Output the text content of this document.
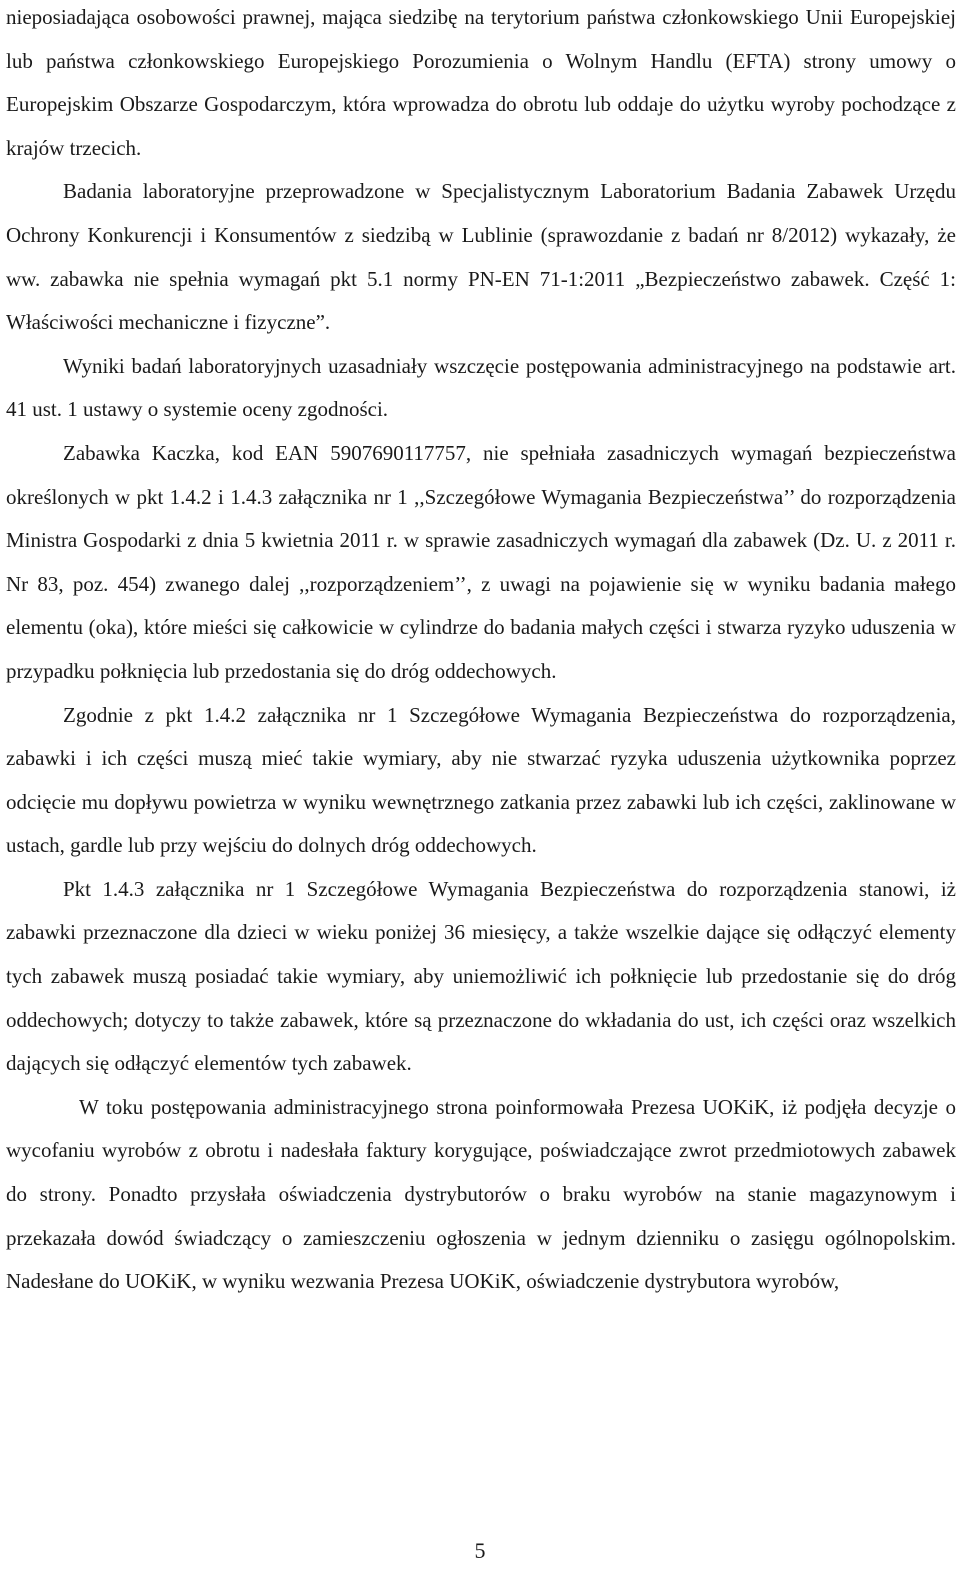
nieposiadająca osobowości prawnej, mająca siedzibę na terytorium państwa członkowskiego Unii Europejskiej lub państwa członkowskiego Europejskiego Porozumienia o Wolnym Handlu (EFTA) strony umowy o Europejskim Obszarze Gospodarczym, która wprowadza do obrotu lub oddaje do użytku wyroby pochodzące z krajów trzecich.

Badania laboratoryjne przeprowadzone w Specjalistycznym Laboratorium Badania Zabawek Urzędu Ochrony Konkurencji i Konsumentów z siedzibą w Lublinie (sprawozdanie z badań nr 8/2012) wykazały, że ww. zabawka nie spełnia wymagań pkt 5.1 normy PN-EN 71-1:2011 „Bezpieczeństwo zabawek. Część 1: Właściwości mechaniczne i fizyczne”.

Wyniki badań laboratoryjnych uzasadniały wszczęcie postępowania administracyjnego na podstawie art. 41 ust. 1 ustawy o systemie oceny zgodności.

Zabawka Kaczka, kod EAN 5907690117757, nie spełniała zasadniczych wymagań bezpieczeństwa określonych w pkt 1.4.2 i 1.4.3 załącznika nr 1 ,,Szczegółowe Wymagania Bezpieczeństwa’’ do rozporządzenia Ministra Gospodarki z dnia 5 kwietnia 2011 r. w sprawie zasadniczych wymagań dla zabawek (Dz. U. z 2011 r. Nr 83, poz. 454) zwanego dalej ,,rozporządzeniem’’, z uwagi na pojawienie się w wyniku badania małego elementu (oka), które mieści się całkowicie w cylindrze do badania małych części i stwarza ryzyko uduszenia w przypadku połknięcia lub przedostania się do dróg oddechowych.

Zgodnie z pkt 1.4.2 załącznika nr 1 Szczegółowe Wymagania Bezpieczeństwa do rozporządzenia, zabawki i ich części muszą mieć takie wymiary, aby nie stwarzać ryzyka uduszenia użytkownika poprzez odcięcie mu dopływu powietrza w wyniku wewnętrznego zatkania przez zabawki lub ich części, zaklinowane w ustach, gardle lub przy wejściu do dolnych dróg oddechowych.

Pkt 1.4.3 załącznika nr 1 Szczegółowe Wymagania Bezpieczeństwa do rozporządzenia stanowi, iż zabawki przeznaczone dla dzieci w wieku poniżej 36 miesięcy, a także wszelkie dające się odłączyć elementy tych zabawek muszą posiadać takie wymiary, aby uniemożliwić ich połknięcie lub przedostanie się do dróg oddechowych; dotyczy to także zabawek, które są przeznaczone do wkładania do ust, ich części oraz wszelkich dających się odłączyć elementów tych zabawek.

W toku postępowania administracyjnego strona poinformowała Prezesa UOKiK, iż podjęła decyzje o wycofaniu wyrobów z obrotu i nadesłała faktury korygujące, poświadczające zwrot przedmiotowych zabawek do strony. Ponadto przysłała oświadczenia dystrybutorów o braku wyrobów na stanie magazynowym i przekazała dowód świadczący o zamieszczeniu ogłoszenia w jednym dzienniku o zasięgu ogólnopolskim. Nadesłane do UOKiK, w wyniku wezwania Prezesa UOKiK, oświadczenie dystrybutora wyrobów,

5
